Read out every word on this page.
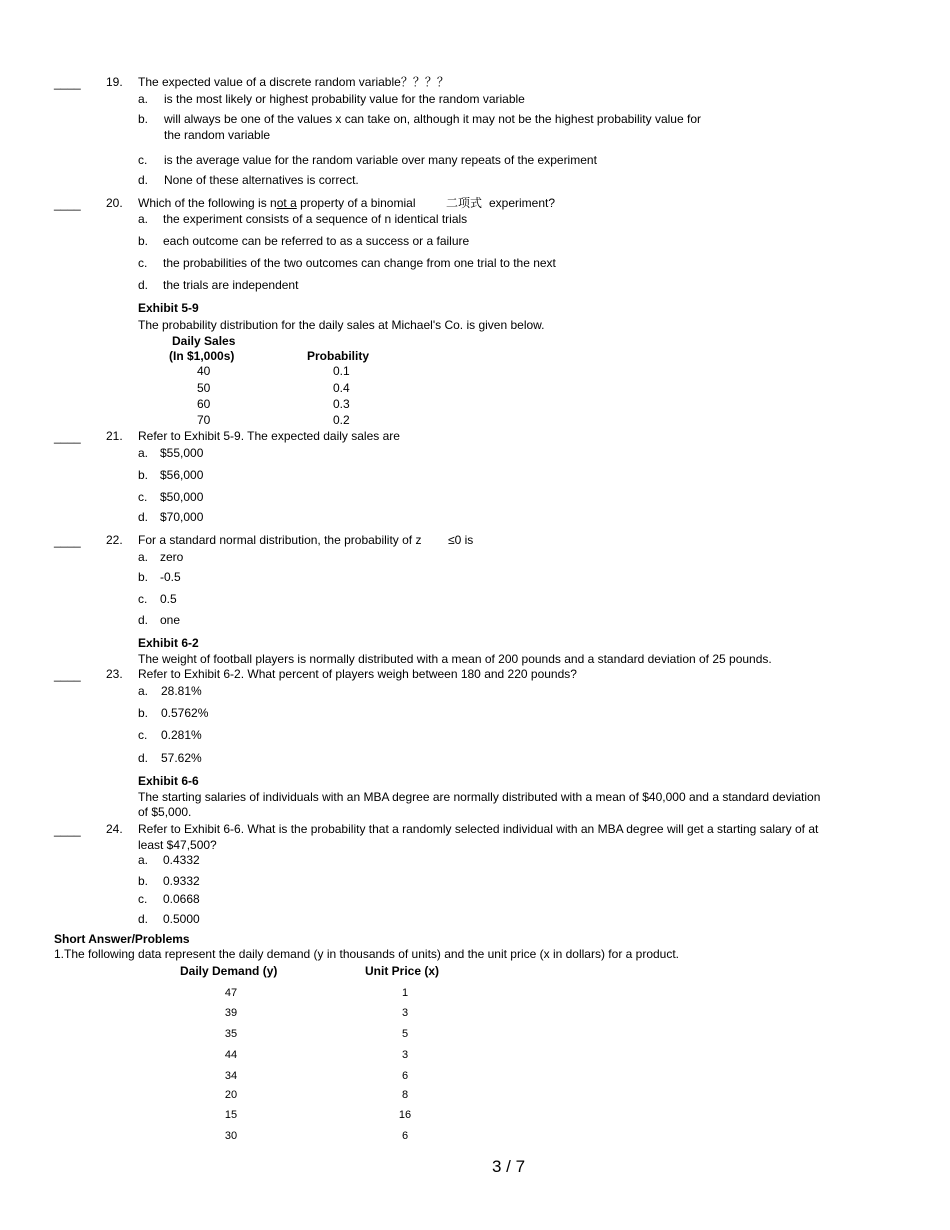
____ 19. The expected value of a discrete random variable？？？？
a. is the most likely or highest probability value for the random variable
b. will always be one of the values x can take on, although it may not be the highest probability value for
the random variable
c. is the average value for the random variable over many repeats of the experiment
d. None of these alternatives is correct.
____ 20. Which of the following is not a property of a binomial	二项式 experiment?
a. the experiment consists of a sequence of n identical trials
b. each outcome can be referred to as a success or a failure
c. the probabilities of the two outcomes can change from one trial to the next
d. the trials are independent
Exhibit 5-9
The probability distribution for the daily sales at Michael's Co. is given below.
Daily Sales
(In $1,000s)	Probability
40	0.1
50	0.4
60	0.3
70	0.2
____ 21. Refer to Exhibit 5-9. The expected daily sales are
a. $55,000
b. $56,000
c. $50,000
d. $70,000
____ 22. For a standard normal distribution, the probability of z ≤0 is
a. zero
b. -0.5
c. 0.5
d. one
Exhibit 6-2
The weight of football players is normally distributed with a mean of 200 pounds and a standard deviation of 25 pounds.
____ 23. Refer to Exhibit 6-2. What percent of players weigh between 180 and 220 pounds?
a. 28.81%
b. 0.5762%
c. 0.281%
d. 57.62%
Exhibit 6-6
The starting salaries of individuals with an MBA degree are normally distributed with a mean of $40,000 and a standard deviation
of $5,000.
____ 24. Refer to Exhibit 6-6. What is the probability that a randomly selected individual with an MBA degree will get a starting salary of at
least $47,500?
a. 0.4332
b. 0.9332
c. 0.0668
d. 0.5000
Short Answer/Problems
1.The following data represent the daily demand (y in thousands of units) and the unit price (x in dollars) for a product.
Daily Demand (y)	Unit Price (x)
47	1
39	3
35	5
44	3
34	6
20	8
15	16
30	6
3 / 7
